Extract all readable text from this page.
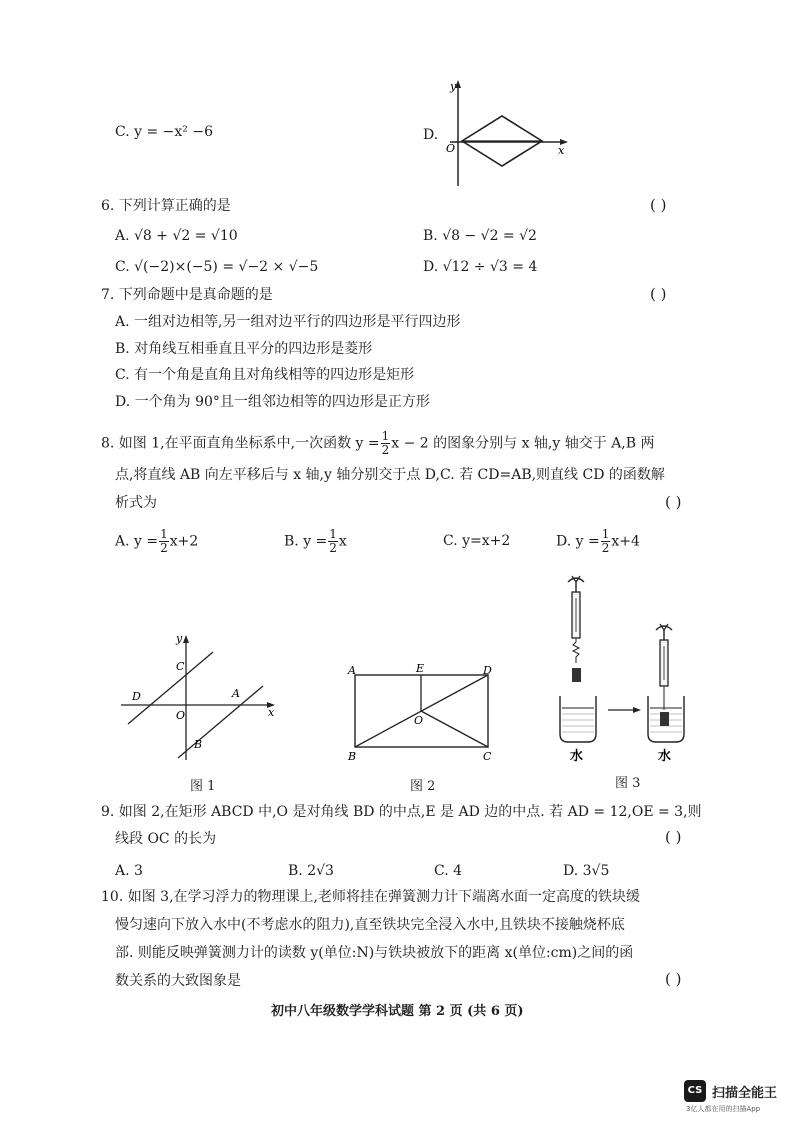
C. y = −x² −6	D.
y
O	x
6. 下列计算正确的是	( )
A. √8 + √2 = √10	B. √8 − √2 = √2
C. √(−2)×(−5) = √−2 × √−5	D. √12 ÷ √3 = 4
7. 下列命题中是真命题的是	( )
A. 一组对边相等,另一组对边平行的四边形是平行四边形
B. 对角线互相垂直且平分的四边形是菱形
C. 有一个角是直角且对角线相等的四边形是矩形
D. 一个角为 90°且一组邻边相等的四边形是正方形
8. 如图 1,在平面直角坐标系中,一次函数 $y = \frac{1}{2}$ x − 2 的图象分别与 x 轴,y 轴交于 A,B 两
点,将直线 AB 向左平移后与 x 轴,y 轴分别交于点 D,C. 若 CD=AB,则直线 CD 的函数解
析式为	( )
A. $y = \frac{1}{2} x+2$	B. $y = \frac{1}{2}$ x	C. y=x+2	D. $y = \frac{1}{2} x+4$
y
C
D	A
O	x
B
图 1
A	E	D
O
B	C
图 2
水	水
图 3
9. 如图 2,在矩形 ABCD 中,O 是对角线 BD 的中点,E 是 AD 边的中点. 若 AD = 12,OE = 3,则
线段 OC 的长为	( )
A. 3	B. 2√3	C. 4	D. 3√5
10. 如图 3,在学习浮力的物理课上,老师将挂在弹簧测力计下端离水面一定高度的铁块缓
慢匀速向下放入水中(不考虑水的阻力),直至铁块完全浸入水中,且铁块不接触烧杯底
部. 则能反映弹簧测力计的读数 y(单位:N)与铁块被放下的距离 x(单位:cm)之间的函
数关系的大致图象是	( )
初中八年级数学学科试题 第 2 页 (共 6 页)
CS 扫描全能王
3亿人都在用的扫描App
